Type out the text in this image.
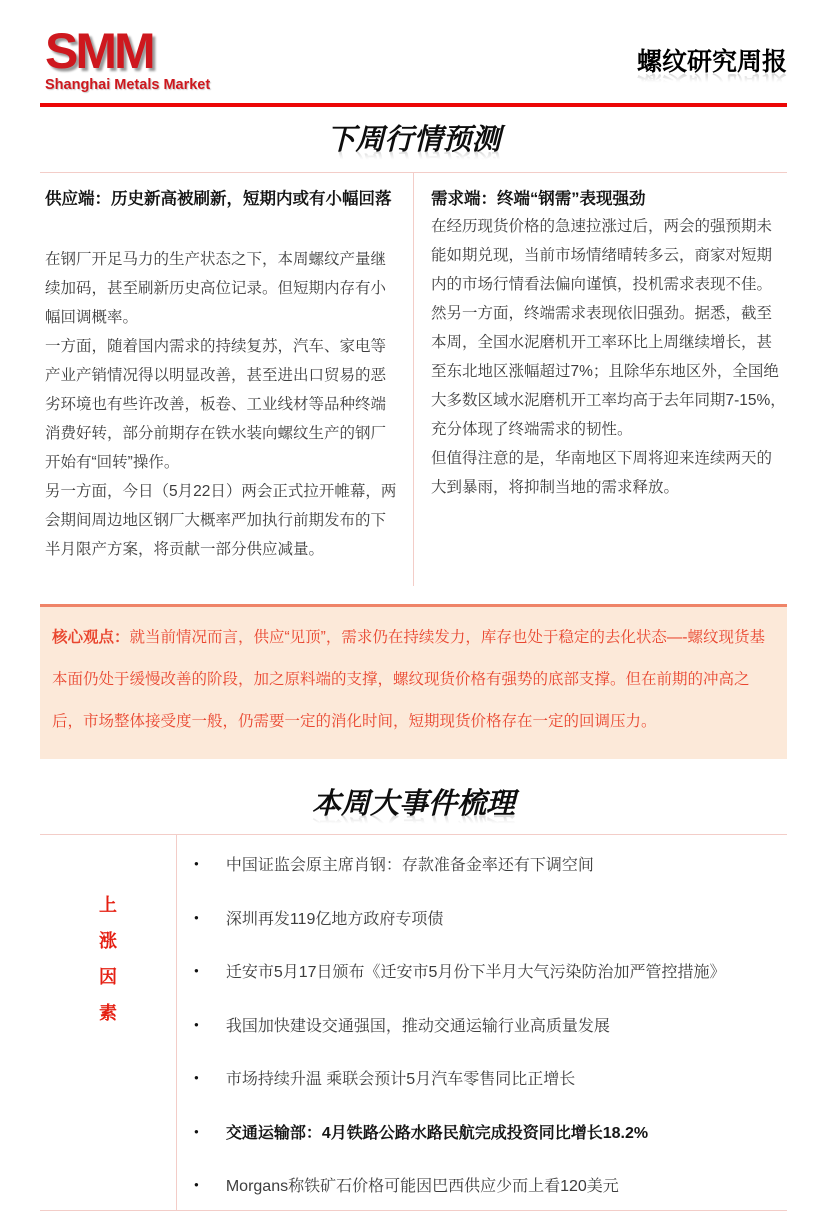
SMM
Shanghai Metals Market
螺纹研究周报
下周行情预测
供应端：历史新高被刷新，短期内或有小幅回落

在钢厂开足马力的生产状态之下，本周螺纹产量继续加码，甚至刷新历史高位记录。但短期内存有小幅回调概率。

一方面，随着国内需求的持续复苏，汽车、家电等产业产销情况得以明显改善，甚至进出口贸易的恶劣环境也有些许改善，板卷、工业线材等品种终端消费好转，部分前期存在铁水装向螺纹生产的钢厂开始有“回转”操作。

另一方面，今日（5月22日）两会正式拉开帷幕，两会期间周边地区钢厂大概率严加执行前期发布的下半月限产方案，将贡献一部分供应减量。

需求端：终端“钢需”表现强劲

在经历现货价格的急速拉涨过后，两会的强预期未能如期兑现，当前市场情绪晴转多云，商家对短期内的市场行情看法偏向谨慎，投机需求表现不佳。然另一方面，终端需求表现依旧强劲。据悉，截至本周，全国水泥磨机开工率环比上周继续增长，甚至东北地区涨幅超过7%；且除华东地区外，全国绝大多数区域水泥磨机开工率均高于去年同期7-15%，充分体现了终端需求的韧性。

但值得注意的是，华南地区下周将迎来连续两天的 大到暴雨，将抑制当地的需求释放。

核心观点：就当前情况而言，供应“见顶”，需求仍在持续发力，库存也处于稳定的去化状态—-螺纹现货基本面仍处于缓慢改善的阶段，加之原料端的支撑，螺纹现货价格有强势的底部支撑。但在前期的冲高之后，市场整体接受度一般，仍需要一定的消化时间，短期现货价格存在一定的回调压力。
本周大事件梳理
上涨因素
● 中国证监会原主席肖钢：存款准备金率还有下调空间
● 深圳再发119亿地方政府专项债
● 迁安市5月17日颁布《迁安市5月份下半月大气污染防治加严管控措施》
● 我国加快建设交通强国，推动交通运输行业高质量发展
● 市场持续升温 乘联会预计5月汽车零售同比正增长
● 交通运输部：4月铁路公路水路民航完成投资同比增长18.2%
● Morgans称铁矿石价格可能因巴西供应少而上看120美元
